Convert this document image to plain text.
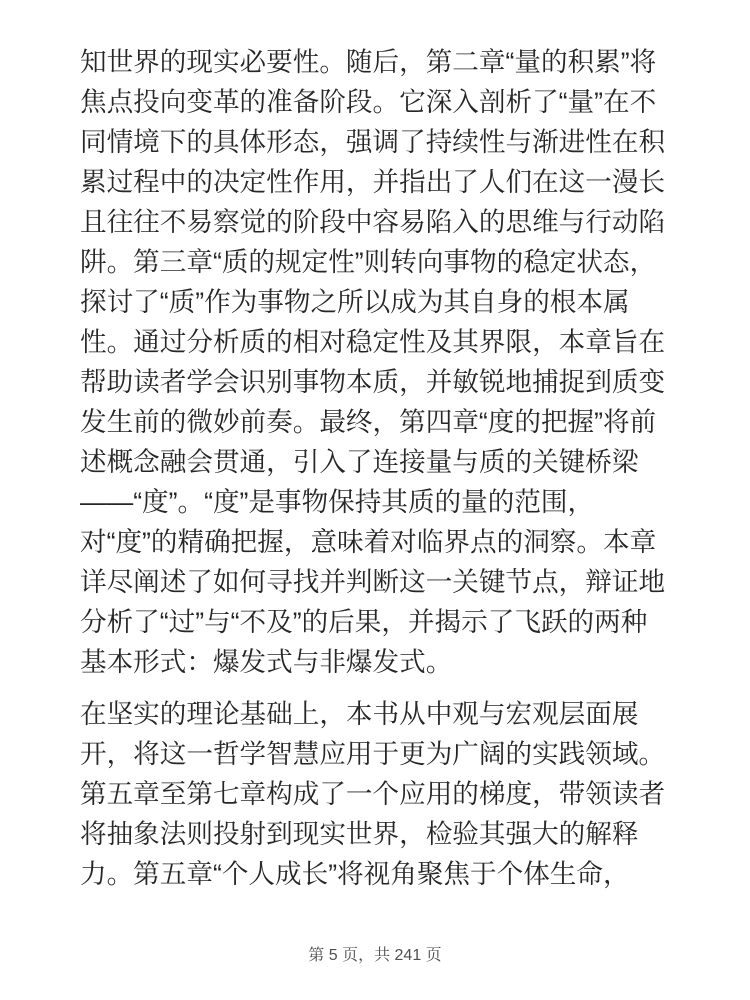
知世界的现实必要性。随后，第二章“量的积累”将焦点投向变革的准备阶段。它深入剖析了“量”在不同情境下的具体形态，强调了持续性与渐进性在积累过程中的决定性作用，并指出了人们在这一漫长且往往不易察觉的阶段中容易陷入的思维与行动陷阱。第三章“质的规定性”则转向事物的稳定状态，探讨了“质”作为事物之所以成为其自身的根本属性。通过分析质的相对稳定性及其界限，本章旨在帮助读者学会识别事物本质，并敏锐地捕捉到质变发生前的微妙前奏。最终，第四章“度的把握”将前述概念融会贯通，引入了连接量与质的关键桥梁——“度”。“度”是事物保持其质的量的范围，对“度”的精确把握，意味着对临界点的洞察。本章详尽阐述了如何寻找并判断这一关键节点，辩证地分析了“过”与“不及”的后果，并揭示了飞跃的两种基本形式：爆发式与非爆发式。

在坚实的理论基础上，本书从中观与宏观层面展开，将这一哲学智慧应用于更为广阔的实践领域。第五章至第七章构成了一个应用的梯度，带领读者将抽象法则投射到现实世界，检验其强大的解释力。第五章“个人成长”将视角聚焦于个体生命，

第 5 页，共 241 页
